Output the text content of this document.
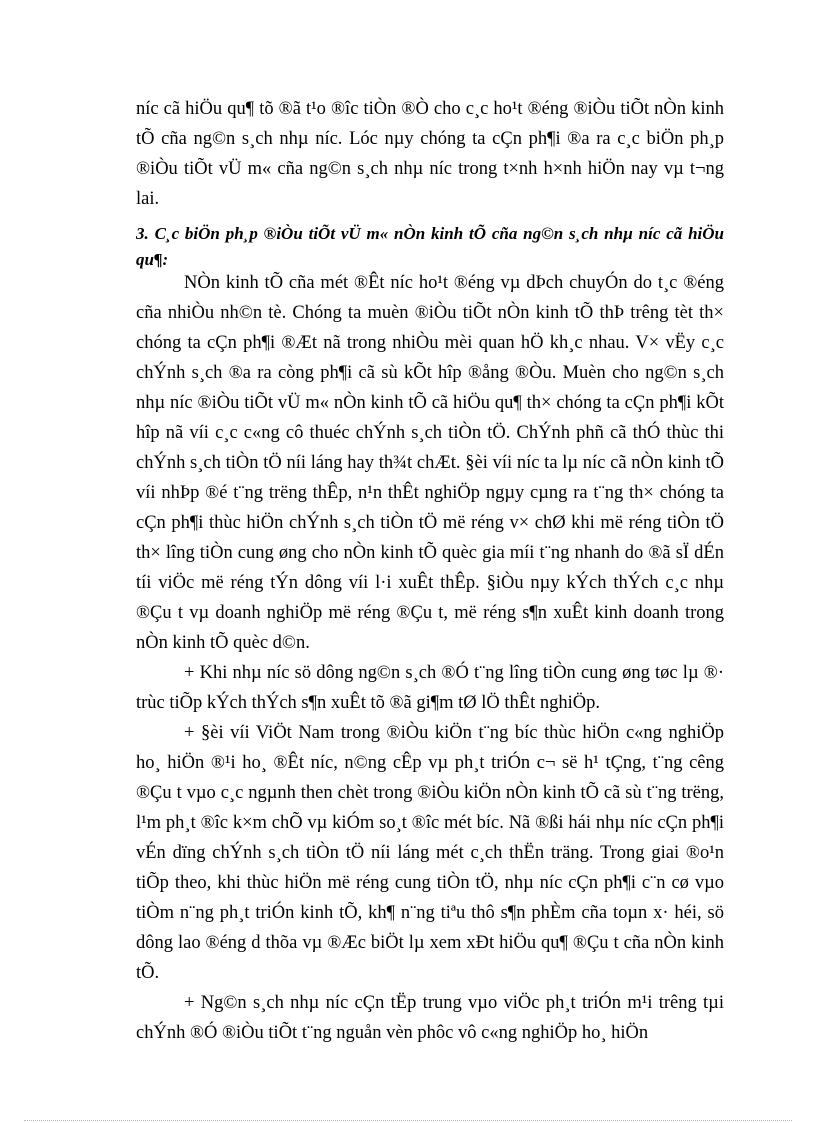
níc cã hiÖu qu¶ tõ ®ã t¹o ®îc tiÒn ®Ò cho c¸c ho¹t ®éng ®iÒu tiÕt nÒn kinh tÕ cña ng©n s¸ch nhµ níc. Lóc nµy chóng ta cÇn ph¶i ®a ra c¸c biÖn ph¸p ®iÒu tiÕt vÜ m« cña ng©n s¸ch nhµ níc trong t×nh h×nh hiÖn nay vµ t¬ng lai.

3. C¸c biÖn ph¸p ®iÒu tiÕt vÜ m« nÒn kinh tÕ cña ng©n s¸ch nhµ níc cã hiÖu qu¶:

NÒn kinh tÕ cña mét ®Êt níc ho¹t ®éng vµ dÞch chuyÓn do t¸c ®éng cña nhiÒu nh©n tè. Chóng ta muèn ®iÒu tiÕt nÒn kinh tÕ thÞ trêng tèt th× chóng ta cÇn ph¶i ®Æt nã trong nhiÒu mèi quan hÖ kh¸c nhau. V× vËy c¸c chÝnh s¸ch ®a ra còng ph¶i cã sù kÕt hîp ®ång ®Òu. Muèn cho ng©n s¸ch nhµ níc ®iÒu tiÕt vÜ m« nÒn kinh tÕ cã hiÖu qu¶ th× chóng ta cÇn ph¶i kÕt hîp nã víi c¸c c«ng cô thuéc chÝnh s¸ch tiÒn tÖ. ChÝnh phñ cã thÓ thùc thi chÝnh s¸ch tiÒn tÖ níi láng hay th¾t chÆt. §èi víi níc ta lµ níc cã nÒn kinh tÕ víi nhÞp ®é t¨ng trëng thÊp, n¹n thÊt nghiÖp ngµy cµng ra t¨ng th× chóng ta cÇn ph¶i thùc hiÖn chÝnh s¸ch tiÒn tÖ më réng v× chØ khi më réng tiÒn tÖ th× lîng tiÒn cung øng cho nÒn kinh tÕ quèc gia míi t¨ng nhanh do ®ã sÏ dÉn tíi viÖc më réng tÝn dông víi l·i xuÊt thÊp. §iÒu nµy kÝch thÝch c¸c nhµ ®Çu t vµ doanh nghiÖp më réng ®Çu t, më réng s¶n xuÊt kinh doanh trong nÒn kinh tÕ quèc d©n.

+ Khi nhµ níc sö dông ng©n s¸ch ®Ó t¨ng lîng tiÒn cung øng tøc lµ ®· trùc tiÕp kÝch thÝch s¶n xuÊt tõ ®ã gi¶m tØ lÖ thÊt nghiÖp.

+ §èi víi ViÖt Nam trong ®iÒu kiÖn t¨ng bíc thùc hiÖn c«ng nghiÖp ho¸ hiÖn ®¹i ho¸ ®Êt níc, n©ng cÊp vµ ph¸t triÓn c¬ së h¹ tÇng, t¨ng cêng ®Çu t vµo c¸c ngµnh then chèt trong ®iÒu kiÖn nÒn kinh tÕ cã sù t¨ng trëng, l¹m ph¸t ®îc k×m chÕ vµ kiÓm so¸t ®îc mét bíc. Nã ®ßi hái nhµ níc cÇn ph¶i vÉn dïng chÝnh s¸ch tiÒn tÖ níi láng mét c¸ch thËn träng. Trong giai ®o¹n tiÕp theo, khi thùc hiÖn më réng cung tiÒn tÖ, nhµ níc cÇn ph¶i c¨n cø vµo tiÒm n¨ng ph¸t triÓn kinh tÕ, kh¶ n¨ng tiªu thô s¶n phÈm cña toµn x· héi, sö dông lao ®éng d thõa vµ ®Æc biÖt lµ xem xÐt hiÖu qu¶ ®Çu t cña nÒn kinh tÕ.

+ Ng©n s¸ch nhµ níc cÇn tËp trung vµo viÖc ph¸t triÓn m¹i trêng tµi chÝnh ®Ó ®iÒu tiÕt t¨ng nguån vèn phôc vô c«ng nghiÖp ho¸ hiÖn
